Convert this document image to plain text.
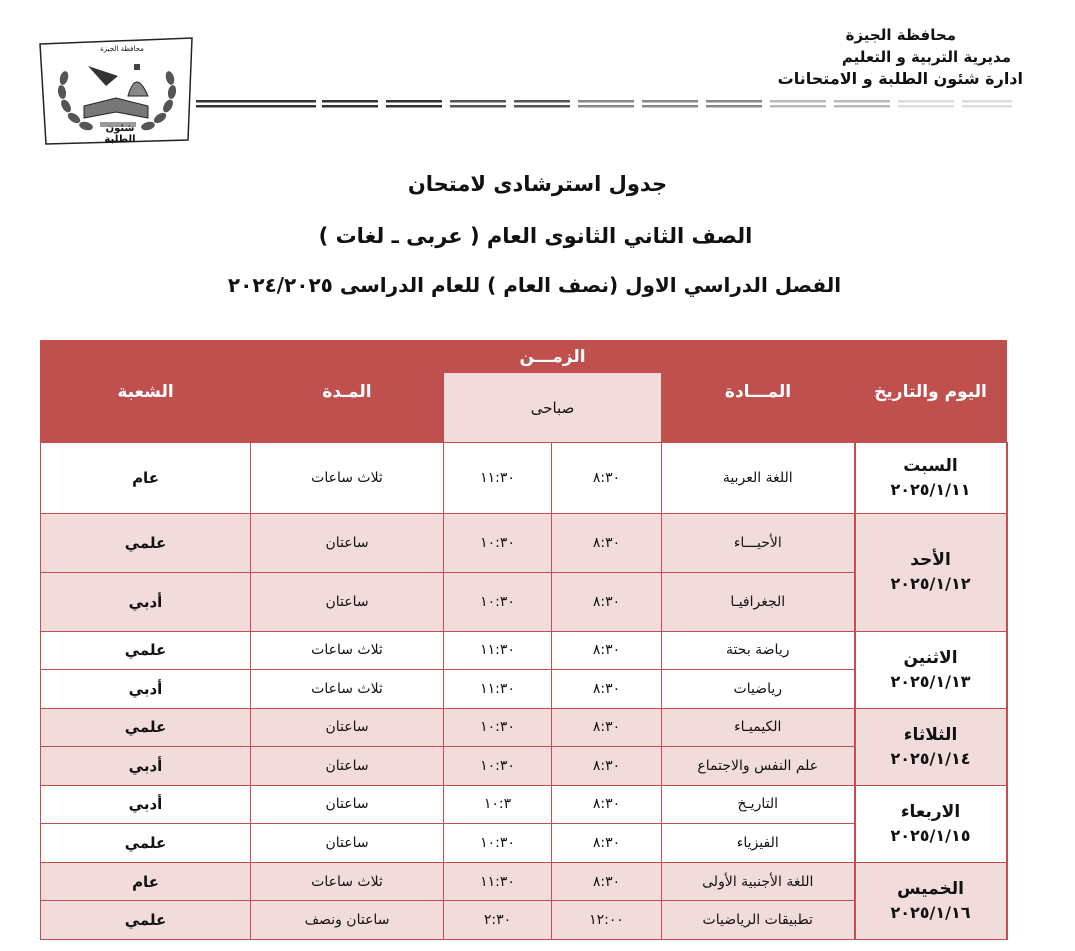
محافظة الجيزة
مديرية التربية و التعليم
ادارة شئون الطلبة و الامتحانات
محافظة الجيزة
شئون الطلبة
جدول استرشادى لامتحان
الصف الثاني الثانوى العام ( عربى ـ لغات )
الفصل الدراسي الاول (نصف العام ) للعام الدراسى ٢٠٢٤/٢٠٢٥
اليوم والتاريخ	المـــادة	الزمـــن		المـدة	الشعبة
		صباحى			

السبت
٢٠٢٥/١/١١	اللغة العربية	٨:٣٠	١١:٣٠	ثلاث ساعات	عام

الأحد
٢٠٢٥/١/١٢	الأحيـــاء	٨:٣٠	١٠:٣٠	ساعتان	علمي
	الجغرافيـا	٨:٣٠	١٠:٣٠	ساعتان	أدبي

الاثنين
٢٠٢٥/١/١٣	رياضة بحتة	٨:٣٠	١١:٣٠	ثلاث ساعات	علمي
	رياضيات	٨:٣٠	١١:٣٠	ثلاث ساعات	أدبي

الثلاثاء
٢٠٢٥/١/١٤	الكيميـاء	٨:٣٠	١٠:٣٠	ساعتان	علمي
	علم النفس والاجتماع	٨:٣٠	١٠:٣٠	ساعتان	أدبي

الاربعاء
٢٠٢٥/١/١٥	التاريـخ	٨:٣٠	١٠:٣	ساعتان	أدبي
	الفيزياء	٨:٣٠	١٠:٣٠	ساعتان	علمي

الخميس
٢٠٢٥/١/١٦	اللغة الأجنبية الأولى	٨:٣٠	١١:٣٠	ثلاث ساعات	عام
	تطبيقات الرياضيات	١٢:٠٠	٢:٣٠	ساعتان ونصف	علمي
